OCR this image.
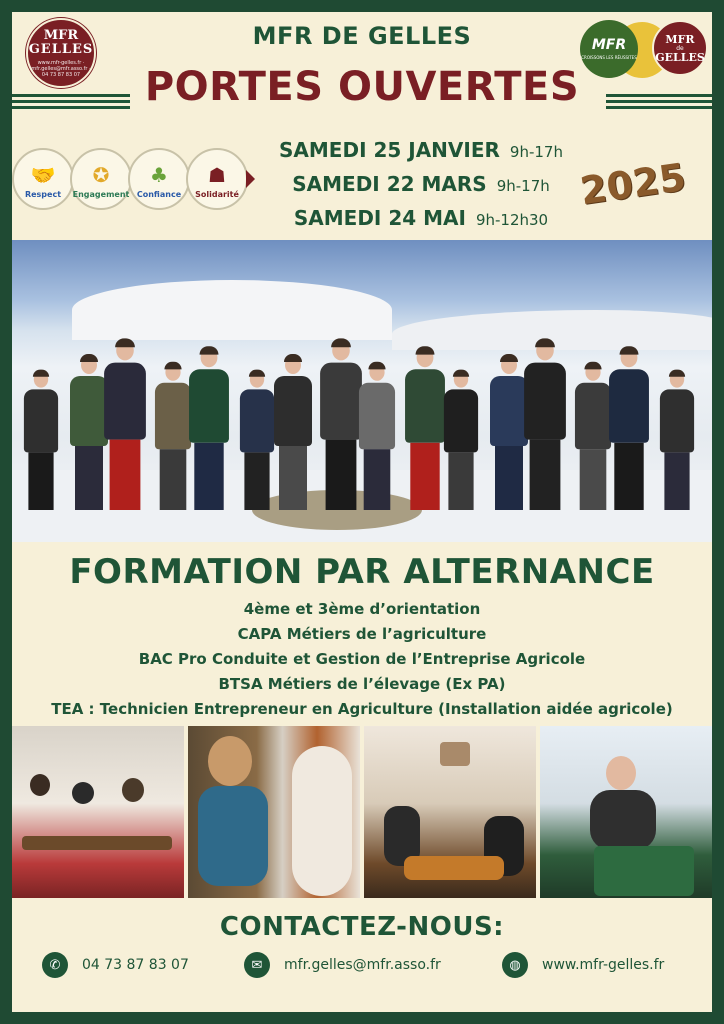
MFR
GELLES
www.mfr-gelles.fr · mfr.gelles@mfr.asso.fr · 04 73 87 83 07
MFR DE GELLES
PORTES OUVERTES
MFR
CROISSONS LES RÉUSSITES
MFR
de
GELLES
🤝
Respect
✪
Engagement
♣
Confiance
☗
Solidarité
SAMEDI 25 JANVIER 9h-17h
SAMEDI 22 MARS 9h-17h
SAMEDI 24 MAI 9h-12h30
2025
FORMATION PAR ALTERNANCE
4ème et 3ème d’orientation
CAPA Métiers de l’agriculture
BAC Pro Conduite et Gestion de l’Entreprise Agricole
BTSA Métiers de l’élevage (Ex PA)
TEA : Technicien Entrepreneur en Agriculture (Installation aidée agricole)
CONTACTEZ-NOUS:
✆	04 73 87 83 07	✉	mfr.gelles@mfr.asso.fr	◍	www.mfr-gelles.fr
